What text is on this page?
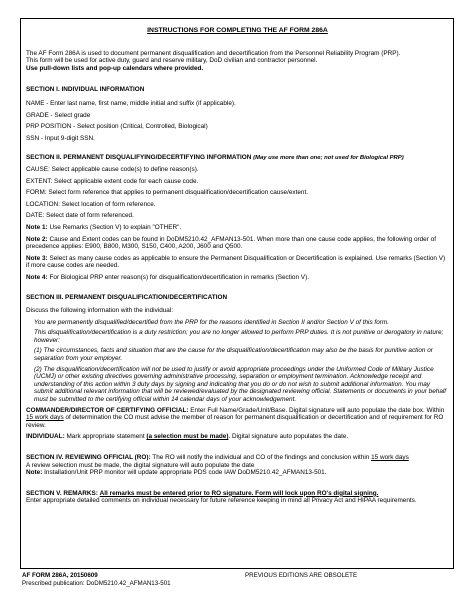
INSTRUCTIONS FOR COMPLETING THE AF FORM 286A

The AF Form 286A is used to document permanent disqualification and decertification from the Personnel Reliability Program (PRP).

This form will be used for active duty, guard and reserve military, DoD civilian and contractor personnel.

Use pull-down lists and pop-up calendars where provided.

SECTION I. INDIVIDUAL INFORMATION

NAME - Enter last name, first name, middle initial and suffix (if applicable).

GRADE - Select grade

PRP POSITION - Select position (Critical, Controlled, Biological)

SSN - Input 9-digit SSN.

SECTION II. PERMANENT DISQUALIFYING/DECERTIFYING INFORMATION (May use more than one; not used for Biological PRP)

CAUSE: Select applicable cause code(s) to define reason(s).

EXTENT: Select applicable extent code for each cause code.

FORM: Select form reference that applies to permanent disqualification/decertification cause/extent.

LOCATION: Select location of form reference.

DATE: Select date of form referenced.

Note 1: Use Remarks (Section V) to explain "OTHER".

Note 2: Cause and Extent codes can be found in DoDM5210.42_AFMAN13-501. When more than one cause code applies, the following order of precedence applies: E900, B800, M300, S150, C400, A200, J600 and Q500.

Note 3: Select as many cause codes as applicable to ensure the Permanent Disqualification or Decertification is explained. Use remarks (Section V) if more cause codes are needed.

Note 4: For Biological PRP enter reason(s) for disqualification/decertification in remarks (Section V).

SECTION III. PERMANENT DISQUALIFICATION/DECERTIFICATION

Discuss the following information with the individual:

You are permanently disqualified/decertified from the PRP for the reasons identified in Section II and/or Section V of this form.

This disqualification/decertification is a duty restriction; you are no longer allowed to perform PRP duties. It is not punitive or derogatory in nature; however:

(1) The circumstances, facts and situation that are the cause for the disqualification/decertification may also be the basis for punitive action or separation from your employer.

(2) The disqualification/decertification will not be used to justify or avoid appropriate proceedings under the Uniformed Code of Military Justice (UCMJ) or other existing directives governing administrative processing, separation or employment termination. Acknowledge receipt and understanding of this action within 3 duty days by signing and indicating that you do or do not wish to submit additional information. You may submit additional relevant information that will be reviewed/evaluated by the designated reviewing official. Statements or documents in your behalf must be submitted to the certifying official within 14 calendar days of your acknowledgement.

COMMANDER/DIRECTOR OF CERTIFYING OFFICIAL: Enter Full Name/Grade/Unit/Base. Digital signature will auto populate the date box. Within 15 work days of determination the CO must advise the member of reason for permanent disqualification or decertification and of requirement for RO review.

INDIVIDUAL: Mark appropriate statement (a selection must be made). Digital signature auto populates the date.

SECTION IV. REVIEWING OFFICIAL (RO): The RO will notify the individual and CO of the findings and conclusion within 15 work days

A review selection must be made, the digital signature will auto populate the date

Note: Installation/Unit PRP monitor will update appropriate PDS code IAW DoDM5210.42_AFMAN13-501.

SECTION V. REMARKS: All remarks must be entered prior to RO signature. Form will lock upon RO's digital signing.

Enter appropriate detailed comments on individual necessary for future reference keeping in mind all Privacy Act and HIPAA requirements.

AF FORM 286A, 20150609
Prescribed publication: DoDM5210.42_AFMAN13-501
PREVIOUS EDITIONS ARE OBSOLETE
